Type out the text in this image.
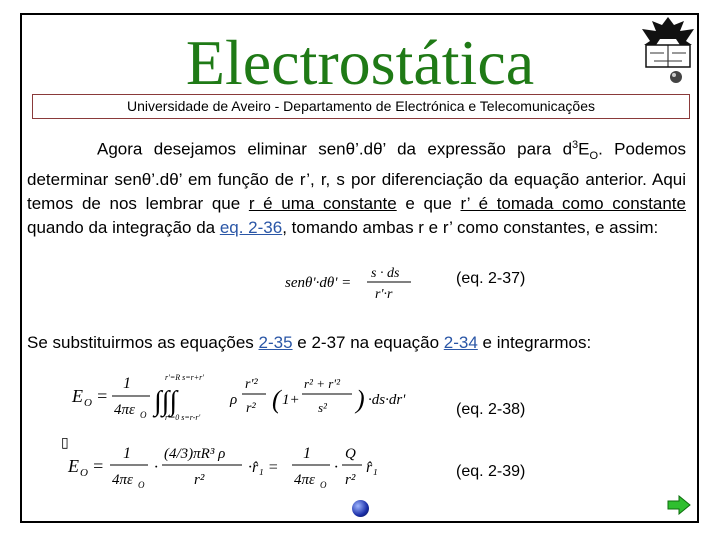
Electrostática
Universidade de Aveiro - Departamento de Electrónica e Telecomunicações

Agora desejamos eliminar senθ’.dθ’ da expressão para $d^3E_O$. Podemos determinar senθ’.dθ’ em função de r’, r, s por diferenciação da equação anterior. Aqui temos de nos lembrar que r é uma constante e que r’ é tomada como constante quando da integração da eq. 2-36, tomando ambas r e r’ como constantes, e assim:

senθ'·dθ' =
s · ds
r'·r
(eq. 2-37)
Se substituirmos as equações 2-35 e 2-37 na equação 2-34 e integrarmos:
E O =
1
4πε O ∫∫∫
r'=R s=r+r'
r'=0 s=r-r'
ρ
r'²
r² ( 1+
r² + r'²
s² ) ·ds·dr'
(eq. 2-38)
▯
E O =
1
4πε O
·
(4/3)πR³ ρ
r²
·r̂₁ =
1
4πε O
·
Q
r²
r̂₁	(eq. 2-39)
